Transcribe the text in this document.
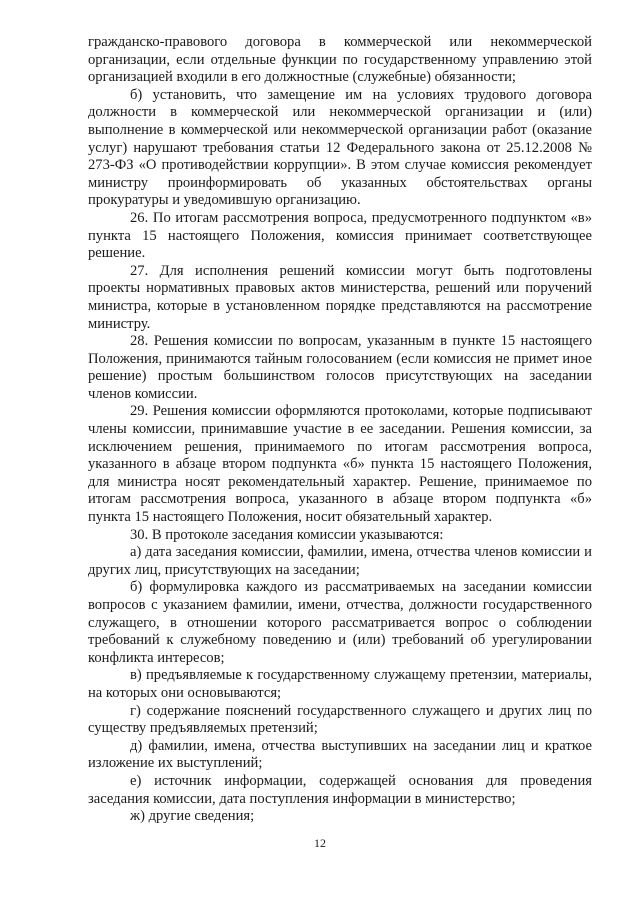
гражданско-правового договора в коммерческой или некоммерческой организации, если отдельные функции по государственному управлению этой организацией входили в его должностные (служебные) обязанности;

б) установить, что замещение им на условиях трудового договора должности в коммерческой или некоммерческой организации и (или) выполнение в коммерческой или некоммерческой организации работ (оказание услуг) нарушают требования статьи 12 Федерального закона от 25.12.2008 № 273-ФЗ «О противодействии коррупции». В этом случае комиссия рекомендует министру проинформировать об указанных обстоятельствах органы прокуратуры и уведомившую организацию.

26. По итогам рассмотрения вопроса, предусмотренного подпунктом «в» пункта 15 настоящего Положения, комиссия принимает соответствующее решение.

27. Для исполнения решений комиссии могут быть подготовлены проекты нормативных правовых актов министерства, решений или поручений министра, которые в установленном порядке представляются на рассмотрение министру.

28. Решения комиссии по вопросам, указанным в пункте 15 настоящего Положения, принимаются тайным голосованием (если комиссия не примет иное решение) простым большинством голосов присутствующих на заседании членов комиссии.

29. Решения комиссии оформляются протоколами, которые подписывают члены комиссии, принимавшие участие в ее заседании. Решения комиссии, за исключением решения, принимаемого по итогам рассмотрения вопроса, указанного в абзаце втором подпункта «б» пункта 15 настоящего Положения, для министра носят рекомендательный характер. Решение, принимаемое по итогам рассмотрения вопроса, указанного в абзаце втором подпункта «б» пункта 15 настоящего Положения, носит обязательный характер.

30. В протоколе заседания комиссии указываются:

а) дата заседания комиссии, фамилии, имена, отчества членов комиссии и других лиц, присутствующих на заседании;

б) формулировка каждого из рассматриваемых на заседании комиссии вопросов с указанием фамилии, имени, отчества, должности государственного служащего, в отношении которого рассматривается вопрос о соблюдении требований к служебному поведению и (или) требований об урегулировании конфликта интересов;

в) предъявляемые к государственному служащему претензии, материалы, на которых они основываются;

г) содержание пояснений государственного служащего и других лиц по существу предъявляемых претензий;

д) фамилии, имена, отчества выступивших на заседании лиц и краткое изложение их выступлений;

е) источник информации, содержащей основания для проведения заседания комиссии, дата поступления информации в министерство;

ж) другие сведения;

12
